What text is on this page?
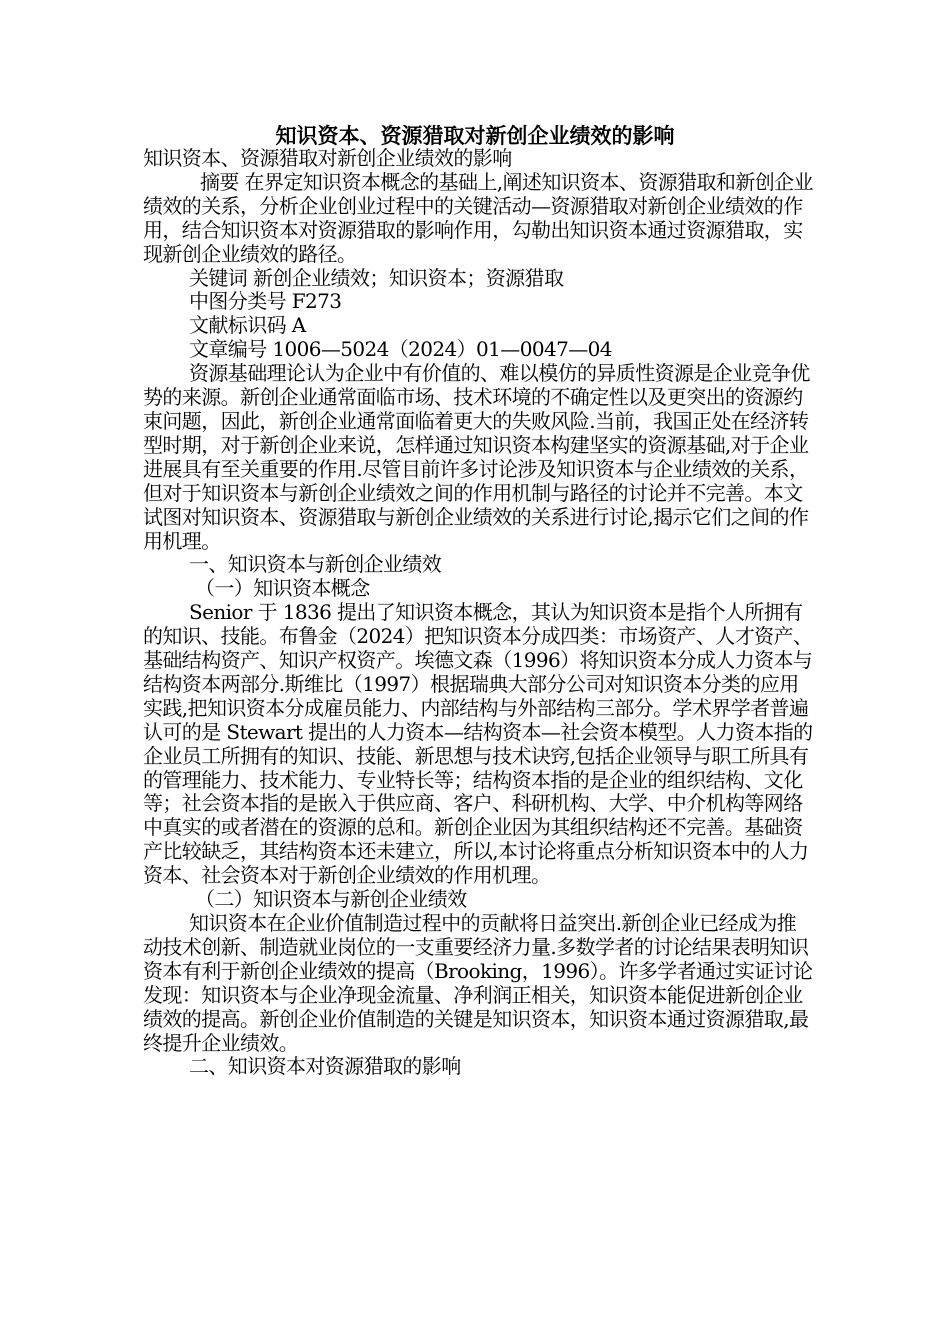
知识资本、资源猎取对新创企业绩效的影响

知识资本、资源猎取对新创企业绩效的影响

摘要 在界定知识资本概念的基础上,阐述知识资本、资源猎取和新创企业绩效的关系，分析企业创业过程中的关键活动—资源猎取对新创企业绩效的作用，结合知识资本对资源猎取的影响作用，勾勒出知识资本通过资源猎取，实现新创企业绩效的路径。

关键词 新创企业绩效；知识资本；资源猎取

中图分类号 F273

文献标识码 A

文章编号 1006—5024（2024）01—0047—04

资源基础理论认为企业中有价值的、难以模仿的异质性资源是企业竞争优势的来源。新创企业通常面临市场、技术环境的不确定性以及更突出的资源约束问题，因此，新创企业通常面临着更大的失败风险.当前，我国正处在经济转型时期，对于新创企业来说，怎样通过知识资本构建坚实的资源基础,对于企业进展具有至关重要的作用.尽管目前许多讨论涉及知识资本与企业绩效的关系，但对于知识资本与新创企业绩效之间的作用机制与路径的讨论并不完善。本文试图对知识资本、资源猎取与新创企业绩效的关系进行讨论,揭示它们之间的作用机理。

一、知识资本与新创企业绩效

（一）知识资本概念

Senior 于 1836 提出了知识资本概念，其认为知识资本是指个人所拥有的知识、技能。布鲁金（2024）把知识资本分成四类：市场资产、人才资产、基础结构资产、知识产权资产。埃德文森（1996）将知识资本分成人力资本与结构资本两部分.斯维比（1997）根据瑞典大部分公司对知识资本分类的应用实践,把知识资本分成雇员能力、内部结构与外部结构三部分。学术界学者普遍认可的是 Stewart 提出的人力资本—结构资本—社会资本模型。人力资本指的企业员工所拥有的知识、技能、新思想与技术诀窍,包括企业领导与职工所具有的管理能力、技术能力、专业特长等；结构资本指的是企业的组织结构、文化等；社会资本指的是嵌入于供应商、客户、科研机构、大学、中介机构等网络中真实的或者潜在的资源的总和。新创企业因为其组织结构还不完善。基础资产比较缺乏，其结构资本还未建立，所以,本讨论将重点分析知识资本中的人力资本、社会资本对于新创企业绩效的作用机理。

（二）知识资本与新创企业绩效

知识资本在企业价值制造过程中的贡献将日益突出.新创企业已经成为推动技术创新、制造就业岗位的一支重要经济力量.多数学者的讨论结果表明知识资本有利于新创企业绩效的提高（Brooking，1996）。许多学者通过实证讨论发现：知识资本与企业净现金流量、净利润正相关，知识资本能促进新创企业绩效的提高。新创企业价值制造的关键是知识资本，知识资本通过资源猎取,最终提升企业绩效。

二、知识资本对资源猎取的影响
